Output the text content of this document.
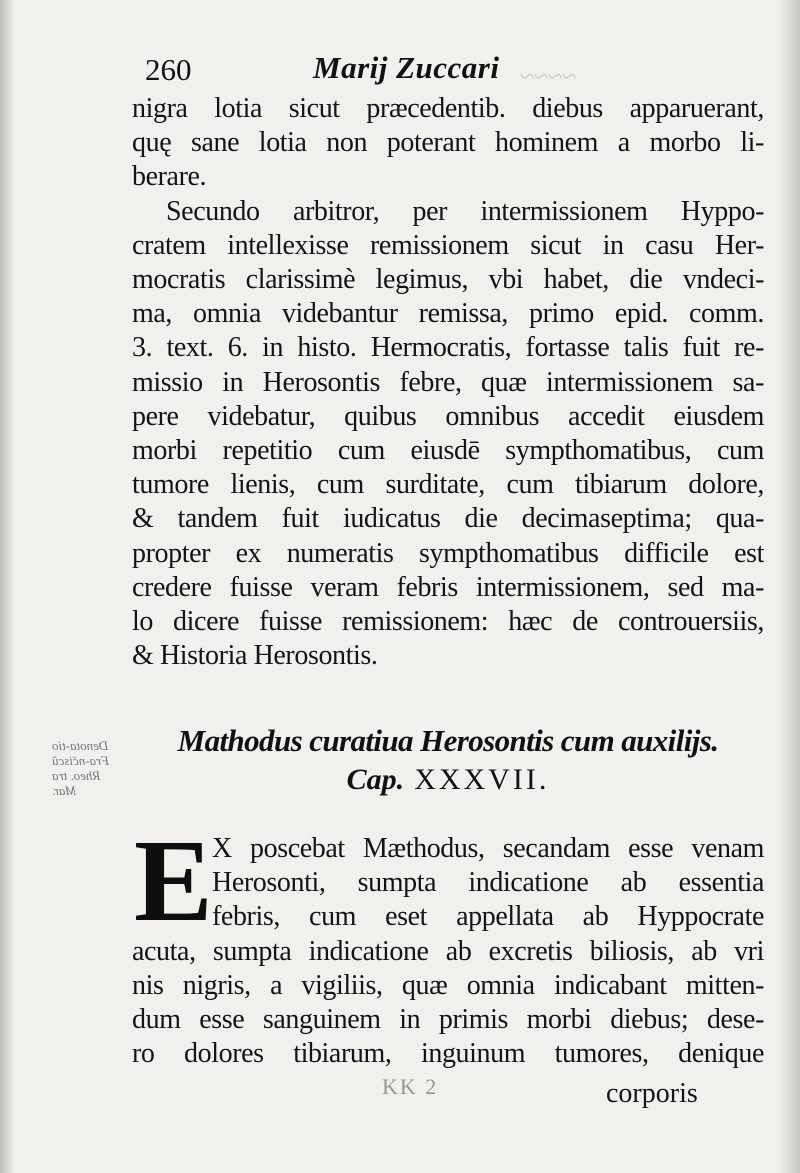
~~~~
260	Marij Zuccari
nigra lotia sicut præcedentib. diebus apparuerant,
quę sane lotia non poterant hominem a morbo li-
berare.
Secundo arbitror, per intermissionem Hyppo-
cratem intellexisse remissionem sicut in casu Her-
mocratis clarissimè legimus, vbi habet, die vndeci-
ma, omnia videbantur remissa, primo epid. comm.
3. text. 6. in histo. Hermocratis, fortasse talis fuit re-
missio in Herosontis febre, quæ intermissionem sa-
pere videbatur, quibus omnibus accedit eiusdem
morbi repetitio cum eiusdē sympthomatibus, cum
tumore lienis, cum surditate, cum tibiarum dolore,
& tandem fuit iudicatus die decimaseptima; qua-
propter ex numeratis sympthomatibus difficile est
credere fuisse veram febris intermissionem, sed ma-
lo dicere fuisse remissionem: hæc de controuersiis,
& Historia Herosontis.
Denota-tio Fra-nčiscũ Rheo. tra Mar.
Mathodus curatiua Herosontis cum auxilijs.
Cap. XXXVII.
E X poscebat Mæthodus, secandam esse venam
Herosonti, sumpta indicatione ab essentia
febris, cum eset appellata ab Hyppocrate
acuta, sumpta indicatione ab excretis biliosis, ab vri
nis nigris, a vigiliis, quæ omnia indicabant mitten-
dum esse sanguinem in primis morbi diebus; dese-
ro dolores tibiarum, inguinum tumores, denique
KK 2	corporis
